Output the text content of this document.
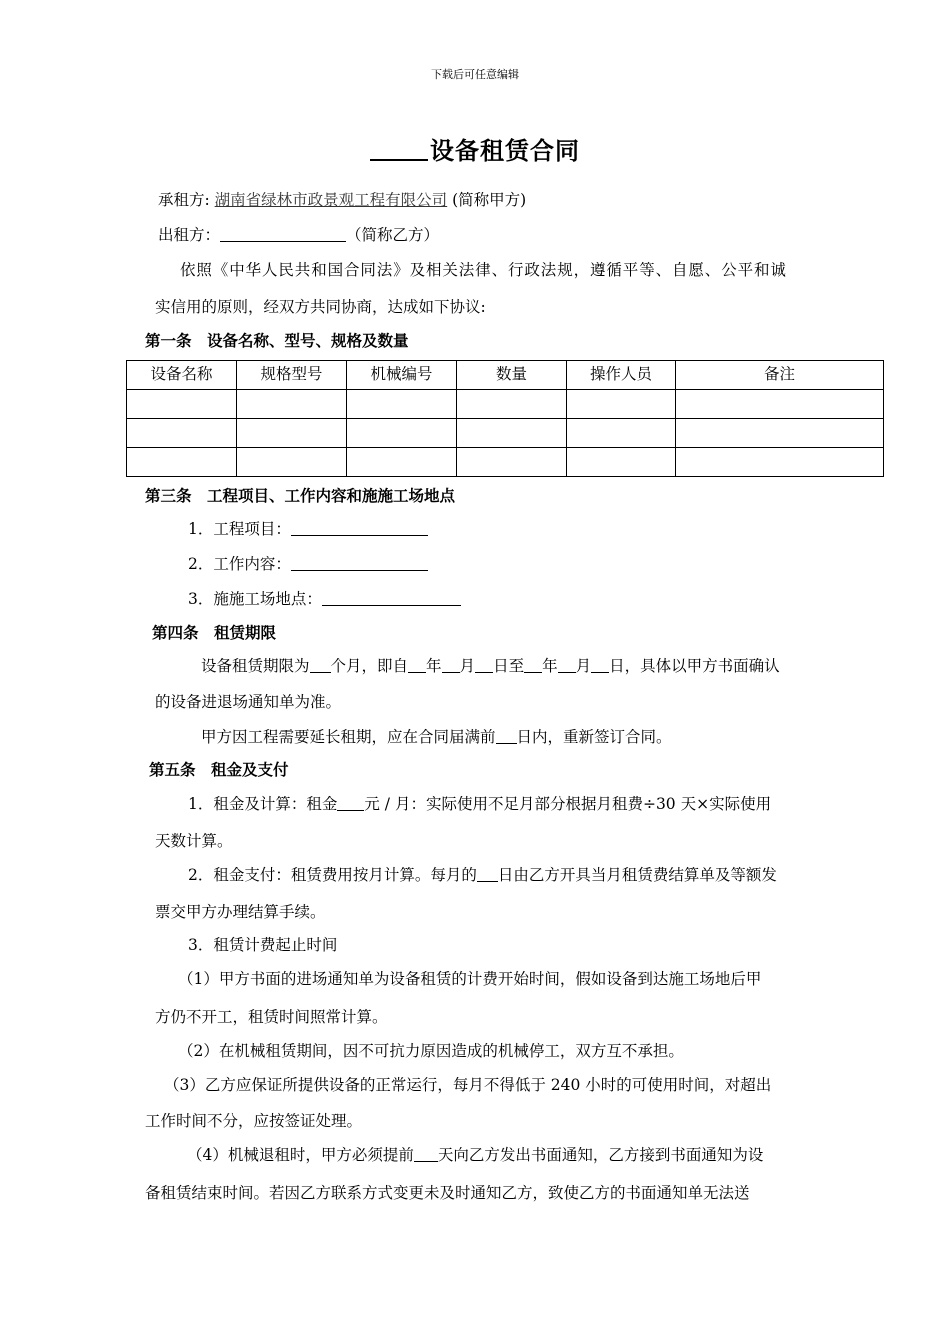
下载后可任意编辑
设备租赁合同
承租方: 湖南省绿林市政景观工程有限公司 (简称甲方)
出租方：	（简称乙方）
依照《中华人民共和国合同法》及相关法律、行政法规，遵循平等、自愿、公平和诚
实信用的原则，经双方共同协商，达成如下协议:
第一条　设备名称、型号、规格及数量
设备名称	规格型号	机械编号	数量	操作人员	备注

第三条　工程项目、工作内容和施施工场地点
1．工程项目：
2．工作内容：
3．施施工场地点：
第四条　租赁期限
设备租赁期限为 个月，即自 年 月 日至 年 月 日，具体以甲方书面确认
的设备进退场通知单为准。
甲方因工程需要延长租期，应在合同届满前 日内，重新签订合同。
第五条　租金及支付
1．租金及计算：租金 元 / 月：实际使用不足月部分根据月租费÷30 天×实际使用
天数计算。
2．租金支付：租赁费用按月计算。每月的 日由乙方开具当月租赁费结算单及等额发
票交甲方办理结算手续。
3．租赁计费起止时间
（1）甲方书面的进场通知单为设备租赁的计费开始时间，假如设备到达施工场地后甲
方仍不开工，租赁时间照常计算。
（2）在机械租赁期间，因不可抗力原因造成的机械停工，双方互不承担。
（3）乙方应保证所提供设备的正常运行，每月不得低于 240 小时的可使用时间，对超出
工作时间不分，应按签证处理。
（4）机械退租时，甲方必须提前 天向乙方发出书面通知，乙方接到书面通知为设
备租赁结束时间。若因乙方联系方式变更未及时通知乙方，致使乙方的书面通知单无法送
